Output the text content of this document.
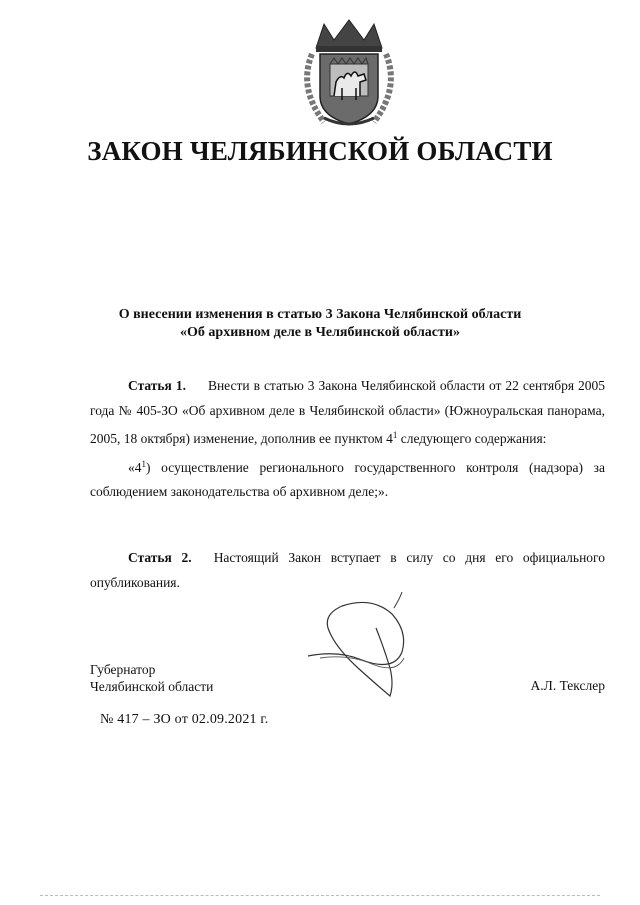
ЗАКОН ЧЕЛЯБИНСКОЙ ОБЛАСТИ
О внесении изменения в статью 3 Закона Челябинской области
«Об архивном деле в Челябинской области»
Статья 1. Внести в статью 3 Закона Челябинской области от 22 сентября 2005 года № 405-ЗО «Об архивном деле в Челябинской области» (Южноуральская панорама, 2005, 18 октября) изменение, дополнив ее пунктом $4^1$ следующего содержания:
«$4^1$) осуществление регионального государственного контроля (надзора) за соблюдением законодательства об архивном деле;».
Статья 2. Настоящий Закон вступает в силу со дня его официального опубликования.
Губернатор
Челябинской области	А.Л. Текслер
№ 417 – ЗО от 02.09.2021 г.
